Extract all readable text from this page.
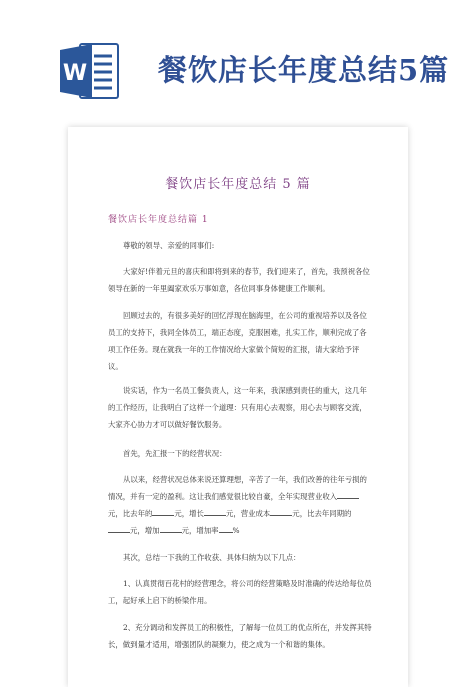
W 餐饮店长年度总结5篇
餐饮店长年度总结 5 篇
餐饮店长年度总结篇 1

尊敬的领导、亲爱的同事们:

大家好!伴着元旦的喜庆和即将到来的春节，我们迎来了，首先，我预祝各位领导在新的一年里阖家欢乐万事如意，各位同事身体健康工作顺利。

回顾过去的，有很多美好的回忆浮现在脑海里，在公司的重视培养以及各位员工的支持下，我同全体员工，端正态度，克服困难，扎实工作，顺利完成了各项工作任务。现在就我一年的工作情况给大家做个简短的汇报，请大家给予评议。

说实话，作为一名员工餐负责人，这一年来，我深感到责任的重大，这几年的工作经历，让我明白了这样一个道理：只有用心去观察，用心去与顾客交流，大家齐心协力才可以做好餐饮服务。

首先，先汇报一下的经营状况：

从以来，经营状况总体来说还算理想，辛苦了一年，我们改善的往年亏损的情况，并有一定的盈利。这让我们感觉很比较自豪，全年实现营业收入元，比去年的	元，增长	元，营业成本	元，比去年同期的元，增加	元，增加率 %

其次，总结一下我的工作收获、具体归纳为以下几点：

1、认真贯彻百花村的经营理念，将公司的经营策略及时准确的传达给每位员工，起好承上启下的桥梁作用。

2、充分调动和发挥员工的积极性，了解每一位员工的优点所在，并发挥其特长，做到量才适用，增强团队的凝聚力，使之成为一个和谐的集体。
